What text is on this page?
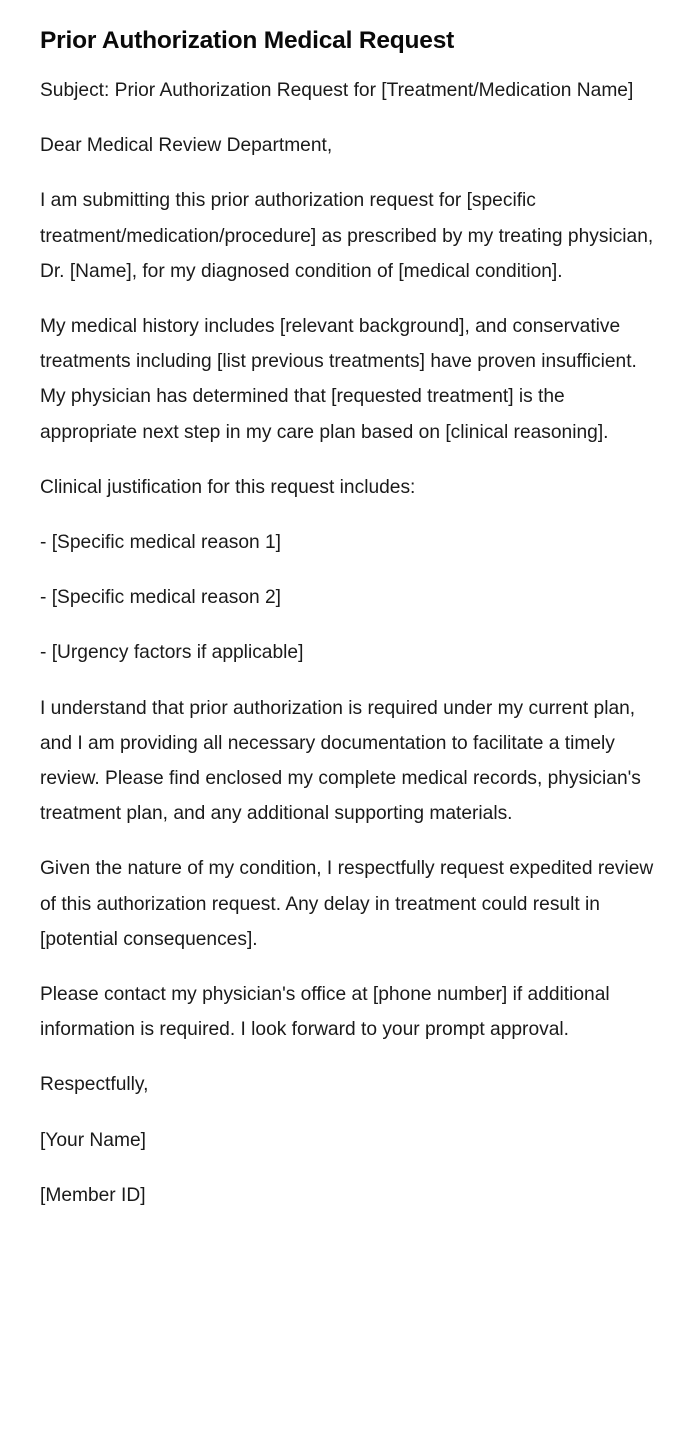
Prior Authorization Medical Request

Subject: Prior Authorization Request for [Treatment/Medication Name]

Dear Medical Review Department,

I am submitting this prior authorization request for [specific treatment/medication/procedure] as prescribed by my treating physician, Dr. [Name], for my diagnosed condition of [medical condition].

My medical history includes [relevant background], and conservative treatments including [list previous treatments] have proven insufficient. My physician has determined that [requested treatment] is the appropriate next step in my care plan based on [clinical reasoning].

Clinical justification for this request includes:

- [Specific medical reason 1]

- [Specific medical reason 2]

- [Urgency factors if applicable]

I understand that prior authorization is required under my current plan, and I am providing all necessary documentation to facilitate a timely review. Please find enclosed my complete medical records, physician's treatment plan, and any additional supporting materials.

Given the nature of my condition, I respectfully request expedited review of this authorization request. Any delay in treatment could result in [potential consequences].

Please contact my physician's office at [phone number] if additional information is required. I look forward to your prompt approval.

Respectfully,

[Your Name]

[Member ID]
